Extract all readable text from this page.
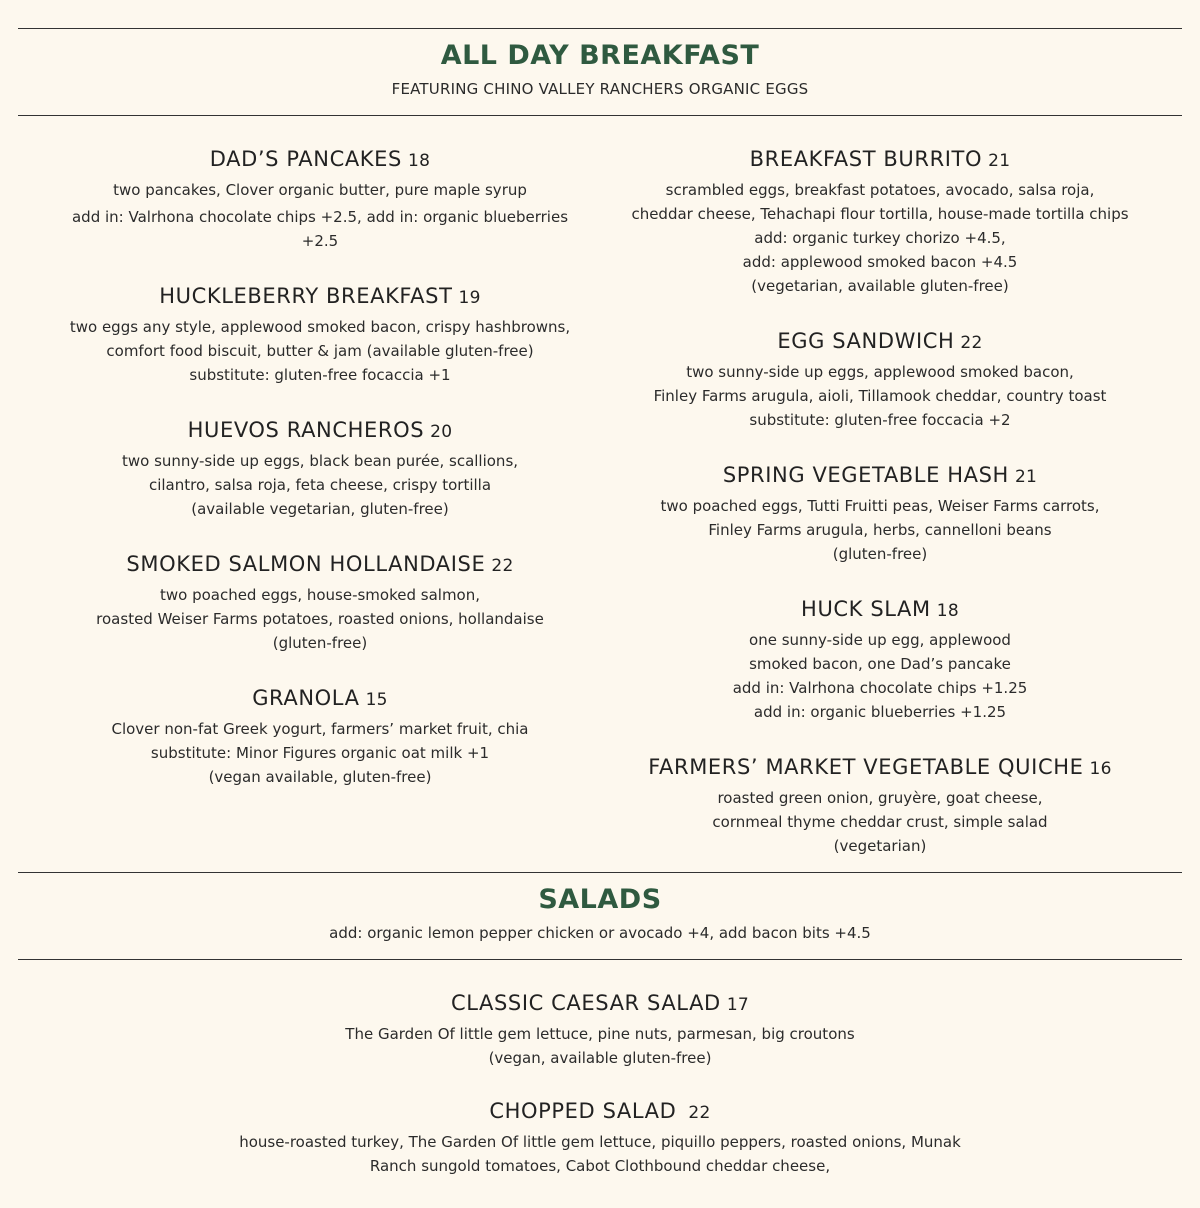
ALL DAY BREAKFAST
FEATURING CHINO VALLEY RANCHERS ORGANIC EGGS
DAD’S PANCAKES 18
two pancakes, Clover organic butter, pure maple syrup
add in: Valrhona chocolate chips +2.5, add in: organic blueberries +2.5
HUCKLEBERRY BREAKFAST 19
two eggs any style, applewood smoked bacon, crispy hashbrowns,
comfort food biscuit, butter & jam (available gluten-free)
substitute: gluten-free focaccia +1
HUEVOS RANCHEROS 20
two sunny-side up eggs, black bean purée, scallions,
cilantro, salsa roja, feta cheese, crispy tortilla
(available vegetarian, gluten-free)
SMOKED SALMON HOLLANDAISE 22
two poached eggs, house-smoked salmon,
roasted Weiser Farms potatoes, roasted onions, hollandaise
(gluten-free)
GRANOLA 15
Clover non-fat Greek yogurt, farmers’ market fruit, chia
substitute: Minor Figures organic oat milk +1
(vegan available, gluten-free)
BREAKFAST BURRITO 21
scrambled eggs, breakfast potatoes, avocado, salsa roja,
cheddar cheese, Tehachapi flour tortilla, house-made tortilla chips
add: organic turkey chorizo +4.5,
add: applewood smoked bacon +4.5
(vegetarian, available gluten-free)
EGG SANDWICH 22
two sunny-side up eggs, applewood smoked bacon,
Finley Farms arugula, aioli, Tillamook cheddar, country toast
substitute: gluten-free foccacia +2
SPRING VEGETABLE HASH 21
two poached eggs, Tutti Fruitti peas, Weiser Farms carrots,
Finley Farms arugula, herbs, cannelloni beans
(gluten-free)
HUCK SLAM 18
one sunny-side up egg, applewood
smoked bacon, one Dad’s pancake
add in: Valrhona chocolate chips +1.25
add in: organic blueberries +1.25
FARMERS’ MARKET VEGETABLE QUICHE 16
roasted green onion, gruyère, goat cheese,
cornmeal thyme cheddar crust, simple salad
(vegetarian)
SALADS
add: organic lemon pepper chicken or avocado +4, add bacon bits +4.5
CLASSIC CAESAR SALAD 17
The Garden Of little gem lettuce, pine nuts, parmesan, big croutons
(vegan, available gluten-free)
CHOPPED SALAD 22
house-roasted turkey, The Garden Of little gem lettuce, piquillo peppers, roasted onions, Munak
Ranch sungold tomatoes, Cabot Clothbound cheddar cheese,
